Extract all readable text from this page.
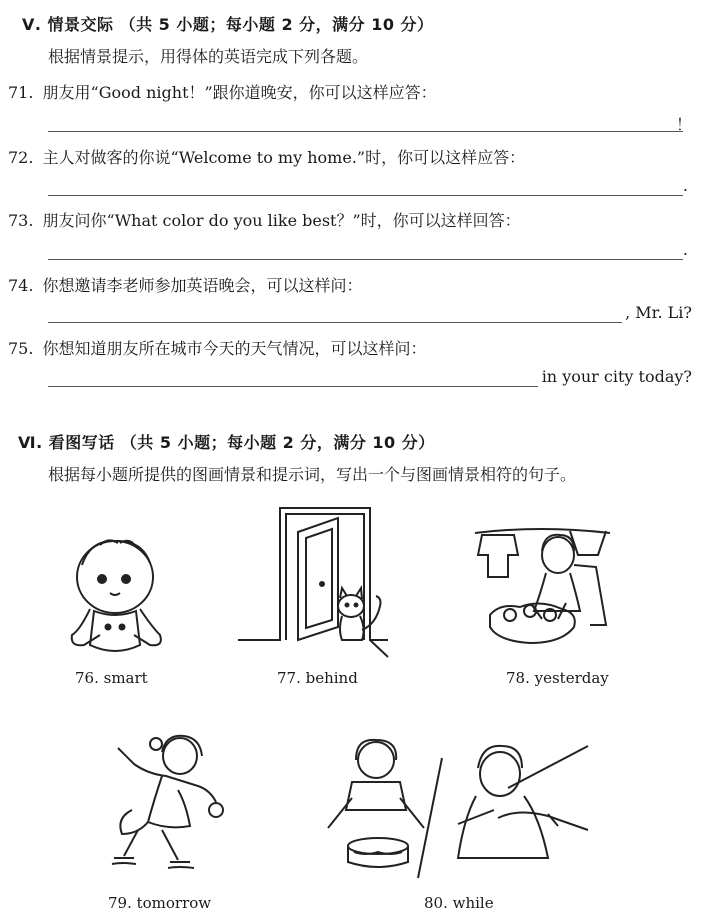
Ⅴ. 情景交际 （共 5 小题；每小题 2 分，满分 10 分）
根据情景提示，用得体的英语完成下列各题。
71. 朋友用“Good night！”跟你道晚安，你可以这样应答：
！
72. 主人对做客的你说“Welcome to my home.”时，你可以这样应答：
.
73. 朋友问你“What color do you like best？”时，你可以这样回答：
.
74. 你想邀请李老师参加英语晚会，可以这样问：
, Mr. Li?
75. 你想知道朋友所在城市今天的天气情况，可以这样问：
in your city today?
Ⅵ. 看图写话 （共 5 小题；每小题 2 分，满分 10 分）
根据每小题所提供的图画情景和提示词，写出一个与图画情景相符的句子。
76. smart	77. behind	78. yesterday
79. tomorrow	80. while
